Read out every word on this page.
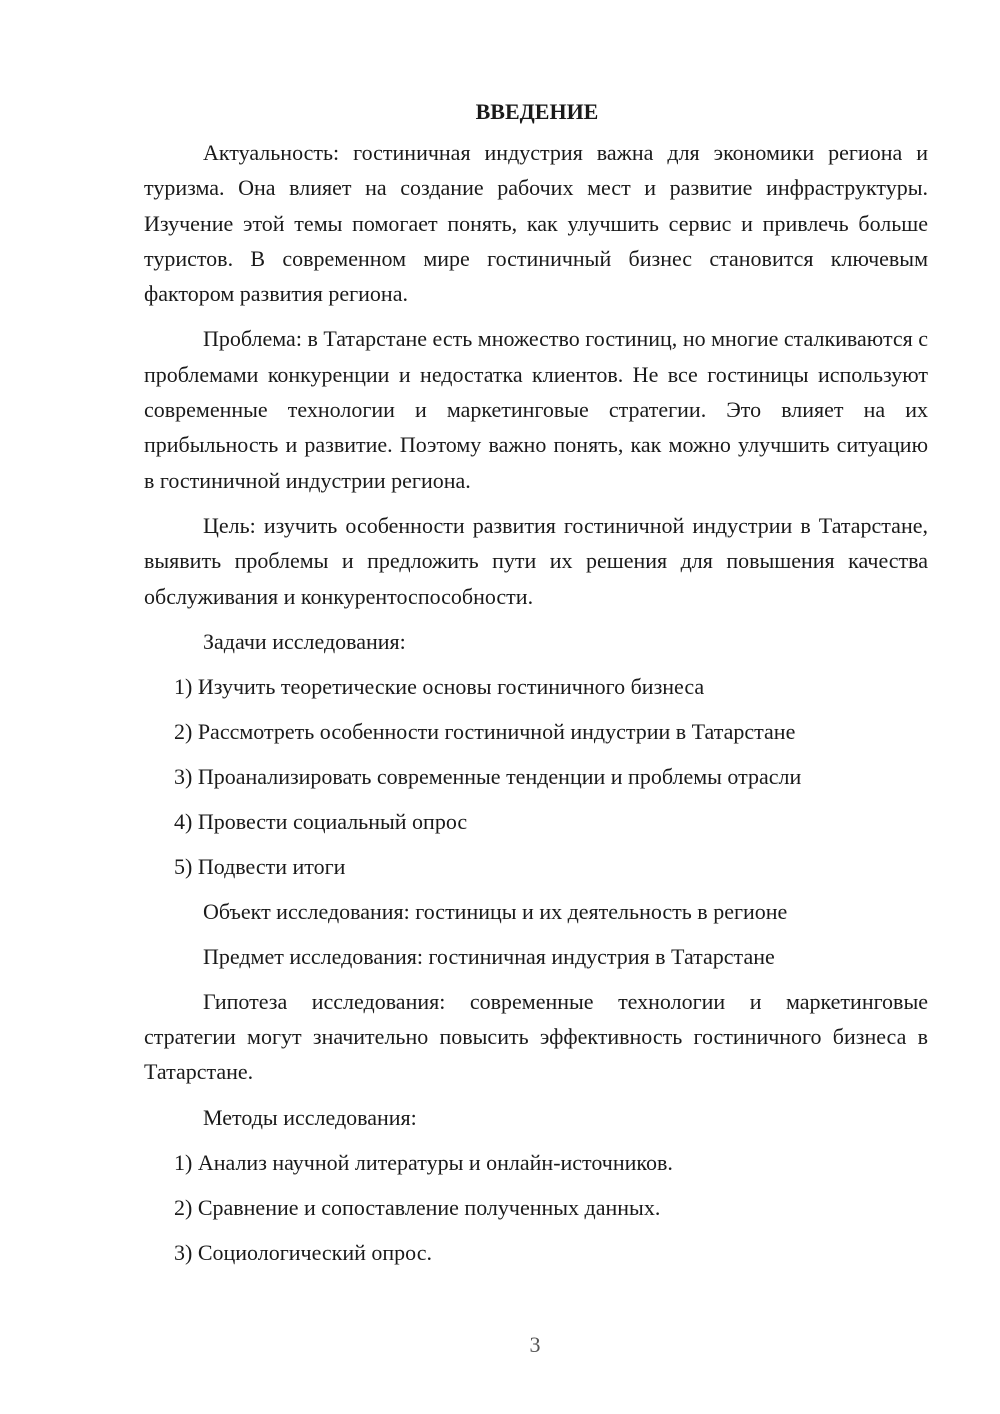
ВВЕДЕНИЕ
Актуальность: гостиничная индустрия важна для экономики региона и туризма. Она влияет на создание рабочих мест и развитие инфраструктуры. Изучение этой темы помогает понять, как улучшить сервис и привлечь больше туристов. В современном мире гостиничный бизнес становится ключевым фактором развития региона.
Проблема: в Татарстане есть множество гостиниц, но многие сталкиваются с проблемами конкуренции и недостатка клиентов. Не все гостиницы используют современные технологии и маркетинговые стратегии. Это влияет на их прибыльность и развитие. Поэтому важно понять, как можно улучшить ситуацию в гостиничной индустрии региона.
Цель: изучить особенности развития гостиничной индустрии в Татарстане, выявить проблемы и предложить пути их решения для повышения качества обслуживания и конкурентоспособности.
Задачи исследования:
1) Изучить теоретические основы гостиничного бизнеса
2) Рассмотреть особенности гостиничной индустрии в Татарстане
3) Проанализировать современные тенденции и проблемы отрасли
4) Провести социальный опрос
5) Подвести итоги
Объект исследования: гостиницы и их деятельность в регионе
Предмет исследования: гостиничная индустрия в Татарстане
Гипотеза исследования: современные технологии и маркетинговые стратегии могут значительно повысить эффективность гостиничного бизнеса в Татарстане.
Методы исследования:
1) Анализ научной литературы и онлайн-источников.
2) Сравнение и сопоставление полученных данных.
3) Социологический опрос.
3
